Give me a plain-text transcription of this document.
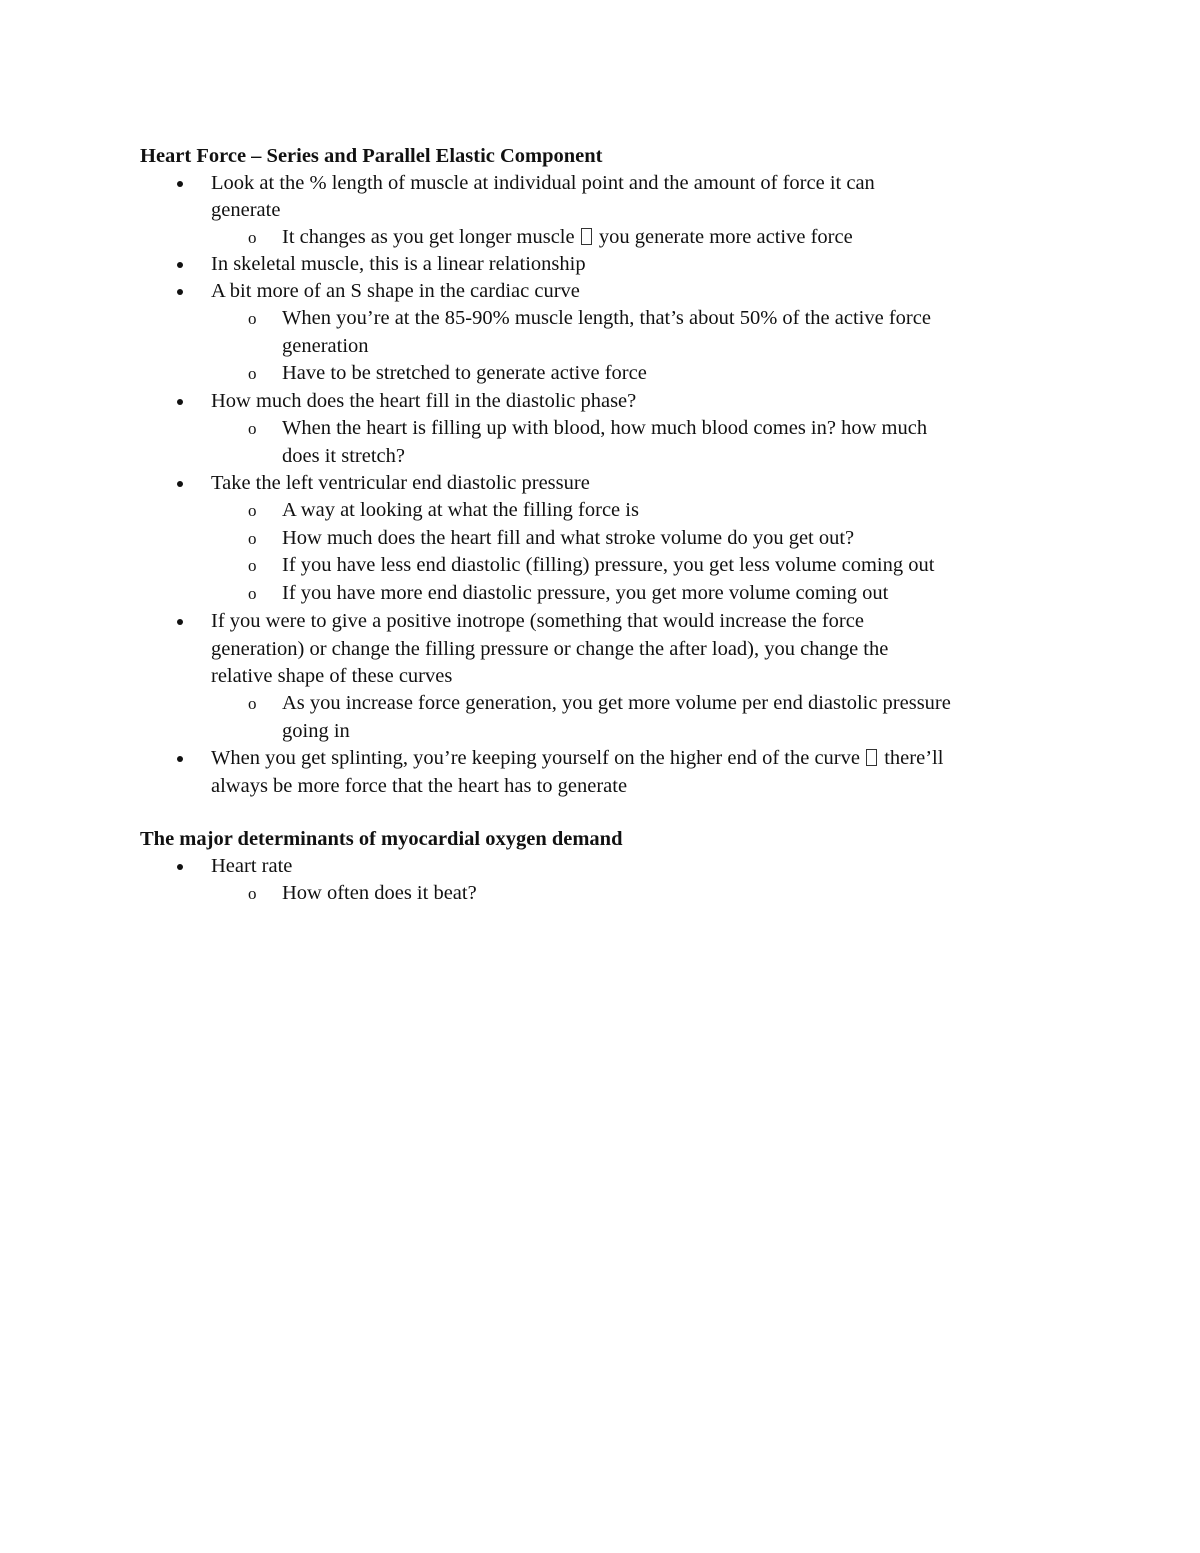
Heart Force – Series and Parallel Elastic Component
Look at the % length of muscle at individual point and the amount of force it can
generate
o It changes as you get longer muscle  you generate more active force
In skeletal muscle, this is a linear relationship
A bit more of an S shape in the cardiac curve
o When you’re at the 85-90% muscle length, that’s about 50% of the active force
generation
o Have to be stretched to generate active force
How much does the heart fill in the diastolic phase?
o When the heart is filling up with blood, how much blood comes in? how much
does it stretch?
Take the left ventricular end diastolic pressure
o A way at looking at what the filling force is
o How much does the heart fill and what stroke volume do you get out?
o If you have less end diastolic (filling) pressure, you get less volume coming out
o If you have more end diastolic pressure, you get more volume coming out
If you were to give a positive inotrope (something that would increase the force
generation) or change the filling pressure or change the after load), you change the
relative shape of these curves
o As you increase force generation, you get more volume per end diastolic pressure
going in
When you get splinting, you’re keeping yourself on the higher end of the curve  there’ll
always be more force that the heart has to generate
The major determinants of myocardial oxygen demand
Heart rate
o How often does it beat?
